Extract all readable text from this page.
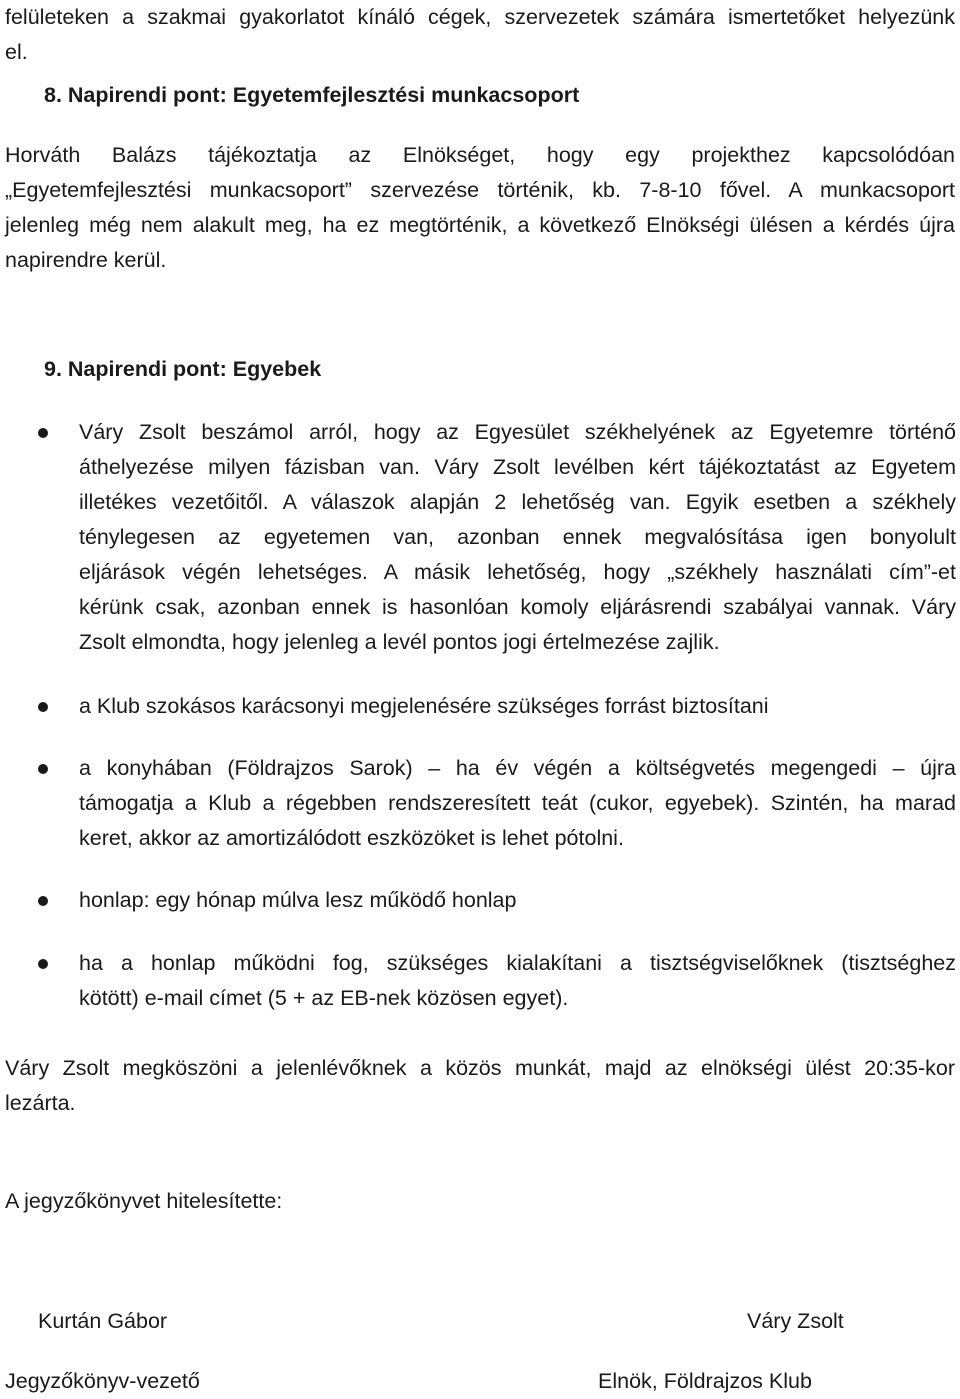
felületeken a szakmai gyakorlatot kínáló cégek, szervezetek számára ismertetőket helyezünk
el.
8. Napirendi pont: Egyetemfejlesztési munkacsoport
Horváth Balázs tájékoztatja az Elnökséget, hogy egy projekthez kapcsolódóan
„Egyetemfejlesztési munkacsoport” szervezése történik, kb. 7-8-10 fővel. A munkacsoport
jelenleg még nem alakult meg, ha ez megtörténik, a következő Elnökségi ülésen a kérdés újra
napirendre kerül.
9. Napirendi pont: Egyebek
Váry Zsolt beszámol arról, hogy az Egyesület székhelyének az Egyetemre történő
áthelyezése milyen fázisban van. Váry Zsolt levélben kért tájékoztatást az Egyetem
illetékes vezetőitől. A válaszok alapján 2 lehetőség van. Egyik esetben a székhely
ténylegesen az egyetemen van, azonban ennek megvalósítása igen bonyolult
eljárások végén lehetséges. A másik lehetőség, hogy „székhely használati cím”-et
kérünk csak, azonban ennek is hasonlóan komoly eljárásrendi szabályai vannak. Váry
Zsolt elmondta, hogy jelenleg a levél pontos jogi értelmezése zajlik.
a Klub szokásos karácsonyi megjelenésére szükséges forrást biztosítani
a konyhában (Földrajzos Sarok) – ha év végén a költségvetés megengedi – újra
támogatja a Klub a régebben rendszeresített teát (cukor, egyebek). Szintén, ha marad
keret, akkor az amortizálódott eszközöket is lehet pótolni.
honlap: egy hónap múlva lesz működő honlap
ha a honlap működni fog, szükséges kialakítani a tisztségviselőknek (tisztséghez
kötött) e-mail címet (5 + az EB-nek közösen egyet).
Váry Zsolt megköszöni a jelenlévőknek a közös munkát, majd az elnökségi ülést 20:35-kor
lezárta.
A jegyzőkönyvet hitelesítette:
Kurtán Gábor	Váry Zsolt
Jegyzőkönyv-vezető	Elnök, Földrajzos Klub
